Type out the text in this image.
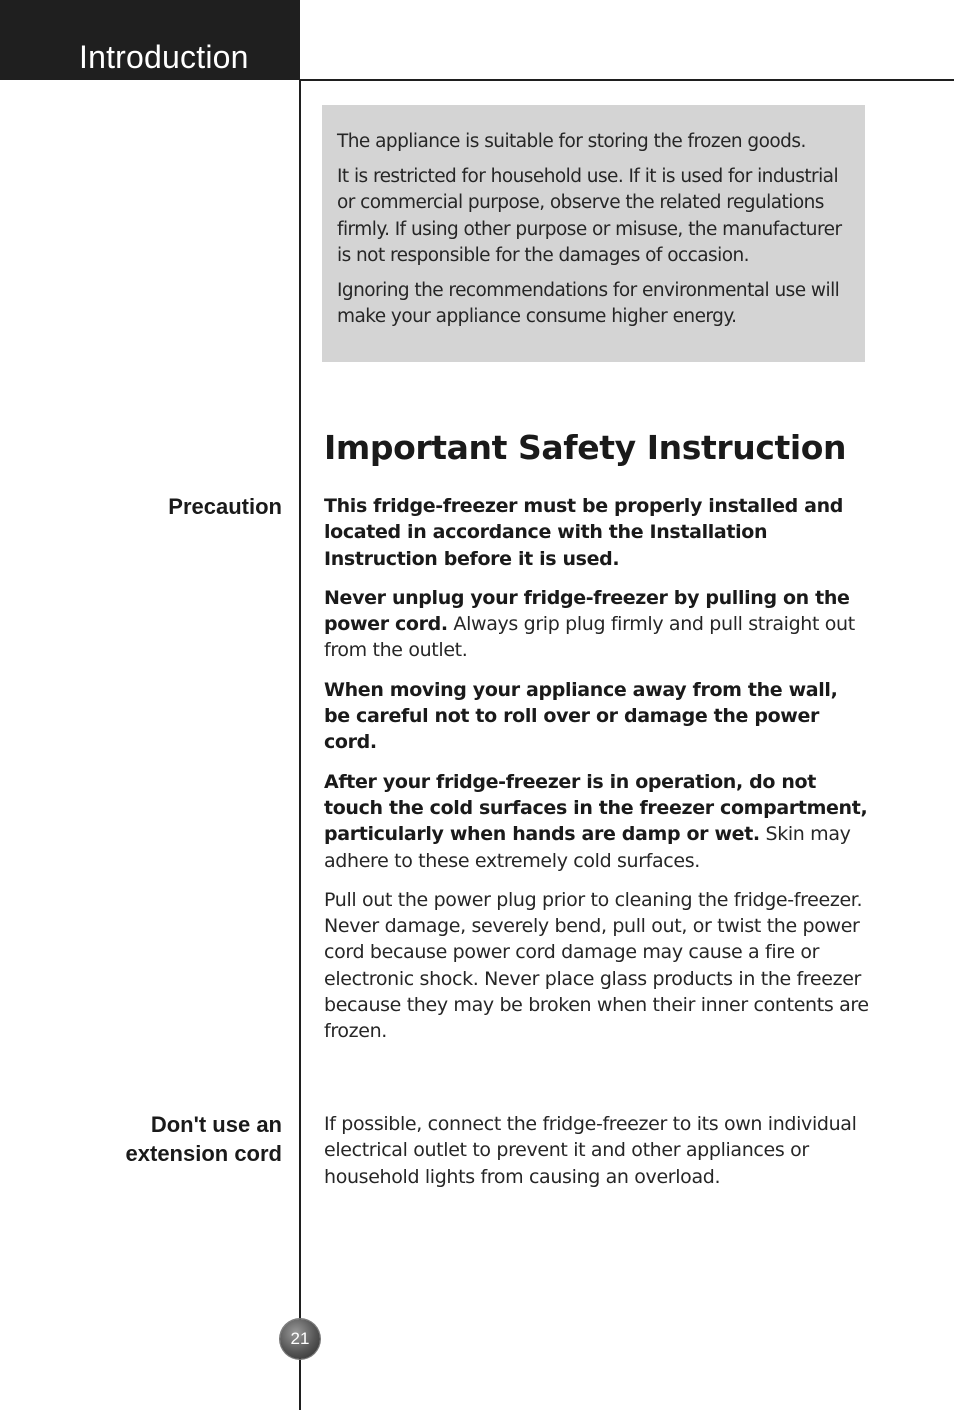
Introduction

The appliance is suitable for storing the frozen goods.

It is restricted for household use. If it is used for industrial or commercial purpose, observe the related regulations firmly. If using other purpose or misuse, the manufacturer is not responsible for the damages of occasion.

Ignoring the recommendations for environmental use will make your appliance consume higher energy.

Important Safety Instruction
Precaution This fridge-freezer must be properly installed and located in accordance with the Installation Instruction before it is used.

Never unplug your fridge-freezer by pulling on the power cord. Always grip plug firmly and pull straight out from the outlet.

When moving your appliance away from the wall, be careful not to roll over or damage the power cord.

After your fridge-freezer is in operation, do not touch the cold surfaces in the freezer compartment, particularly when hands are damp or wet. Skin may adhere to these extremely cold surfaces.

Pull out the power plug prior to cleaning the fridge-freezer.

Never damage, severely bend, pull out, or twist the power cord because power cord damage may cause a fire or electronic shock. Never place glass products in the freezer because they may be broken when their inner contents are frozen.

Don't use an
extension cord

If possible, connect the fridge-freezer to its own individual electrical outlet to prevent it and other appliances or household lights from causing an overload.

21
